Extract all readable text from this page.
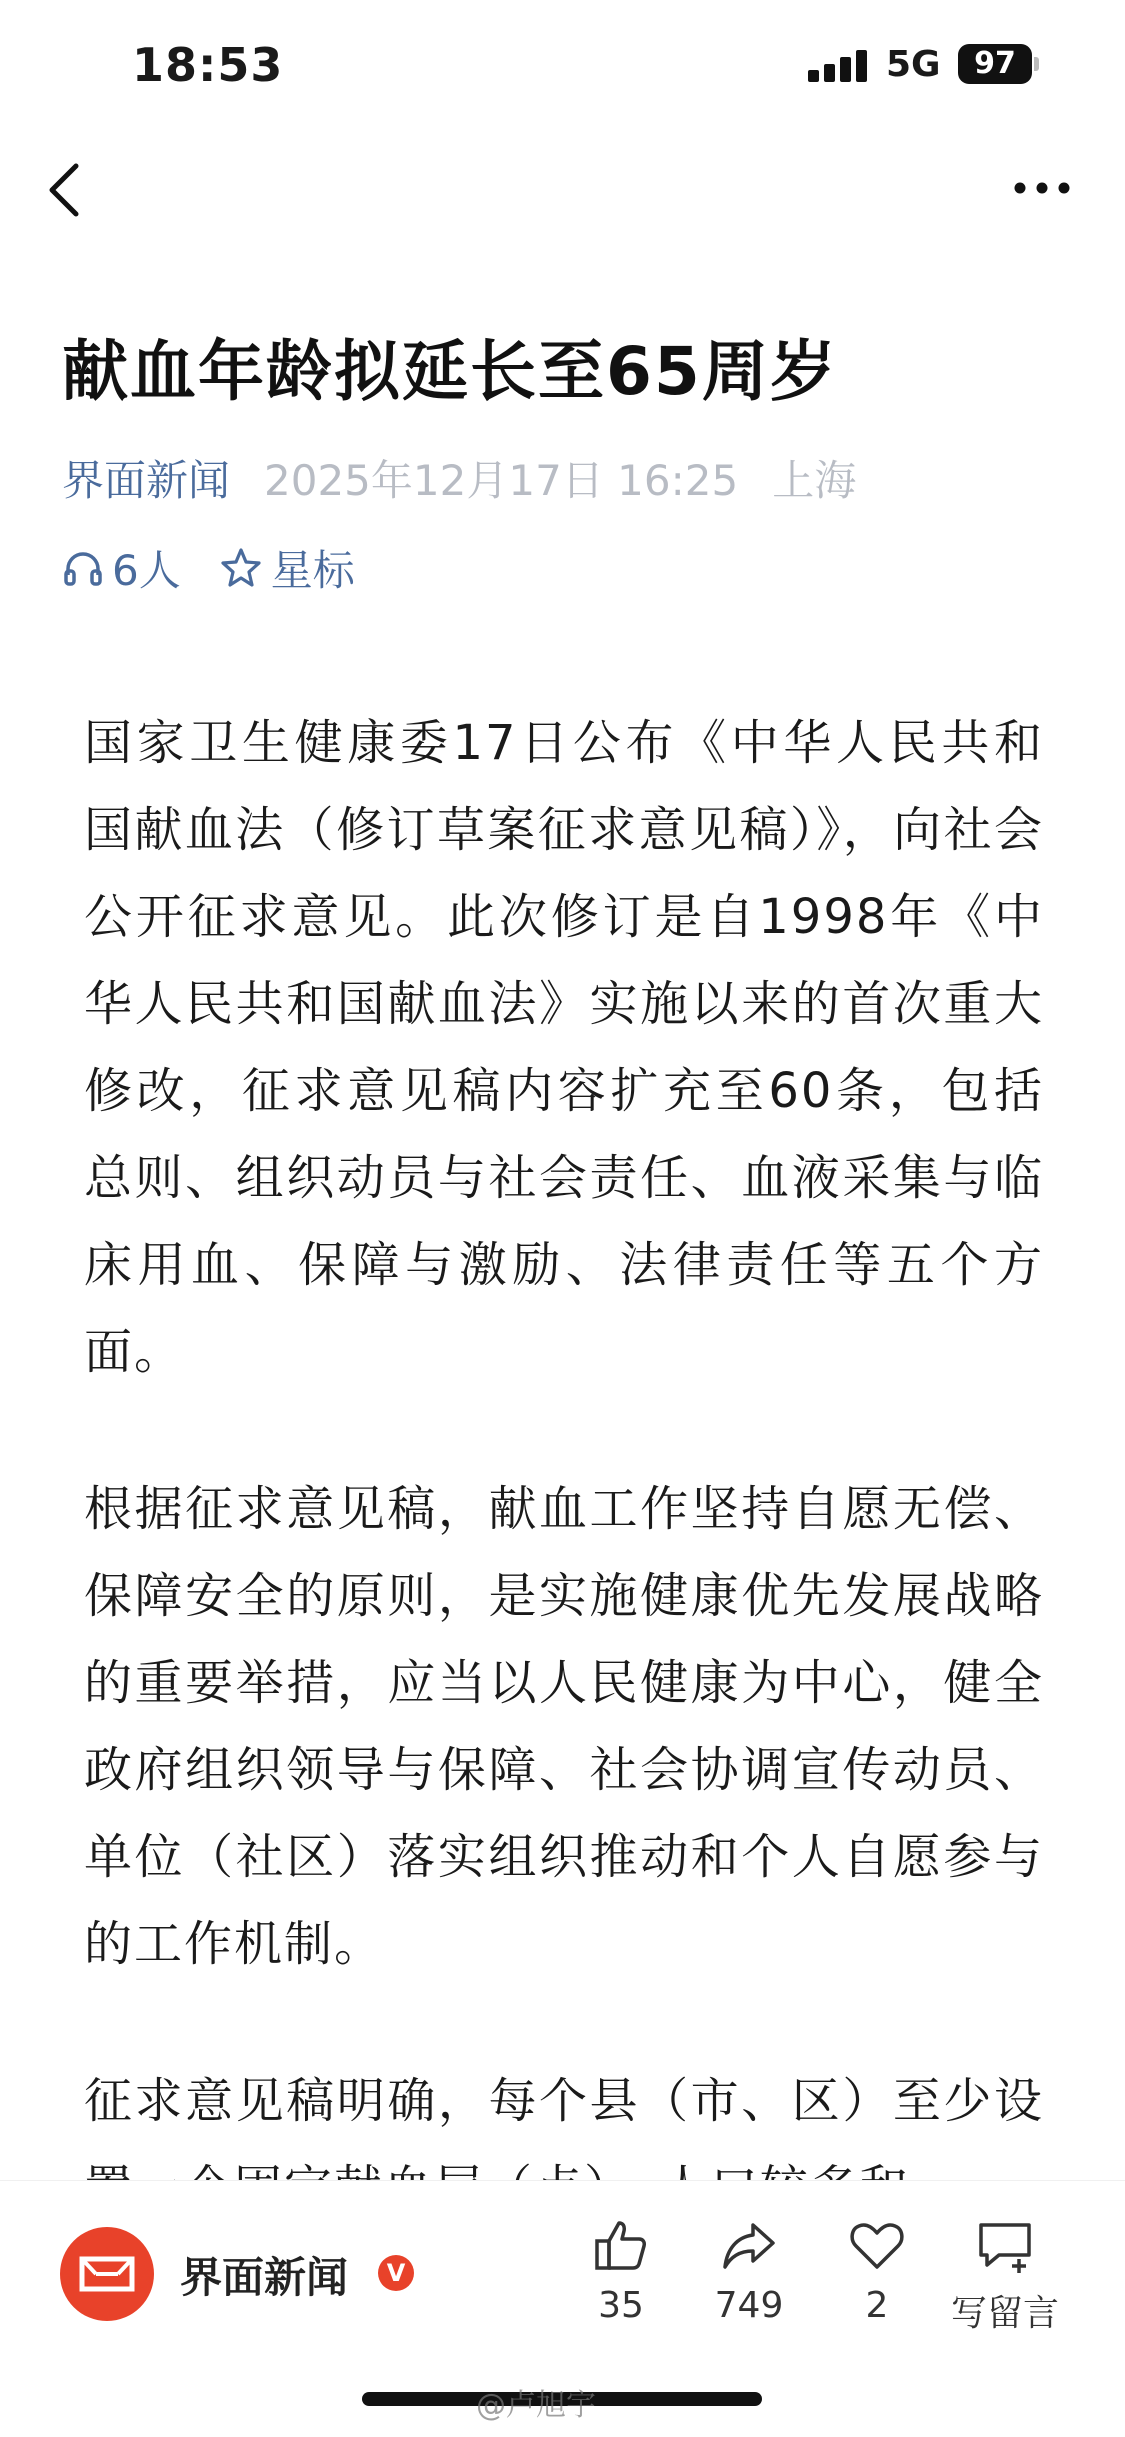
18:53	5G	97
献血年龄拟延长至65周岁
界面新闻 2025年12月17日 16:25 上海
6人 星标

国家卫生健康委17日公布《中华人民共和国献血法（修订草案征求意见稿）》，向社会公开征求意见。此次修订是自1998年《中华人民共和国献血法》实施以来的首次重大修改，征求意见稿内容扩充至60条，包括总则、组织动员与社会责任、血液采集与临床用血、保障与激励、法律责任等五个方面。

根据征求意见稿，献血工作坚持自愿无偿、保障安全的原则，是实施健康优先发展战略的重要举措，应当以人民健康为中心，健全政府组织领导与保障、社会协调宣传动员、单位（社区）落实组织推动和个人自愿参与的工作机制。

征求意见稿明确，每个县（市、区）至少设

界面新闻	V
35	749	2	写留言
@卢旭宇
